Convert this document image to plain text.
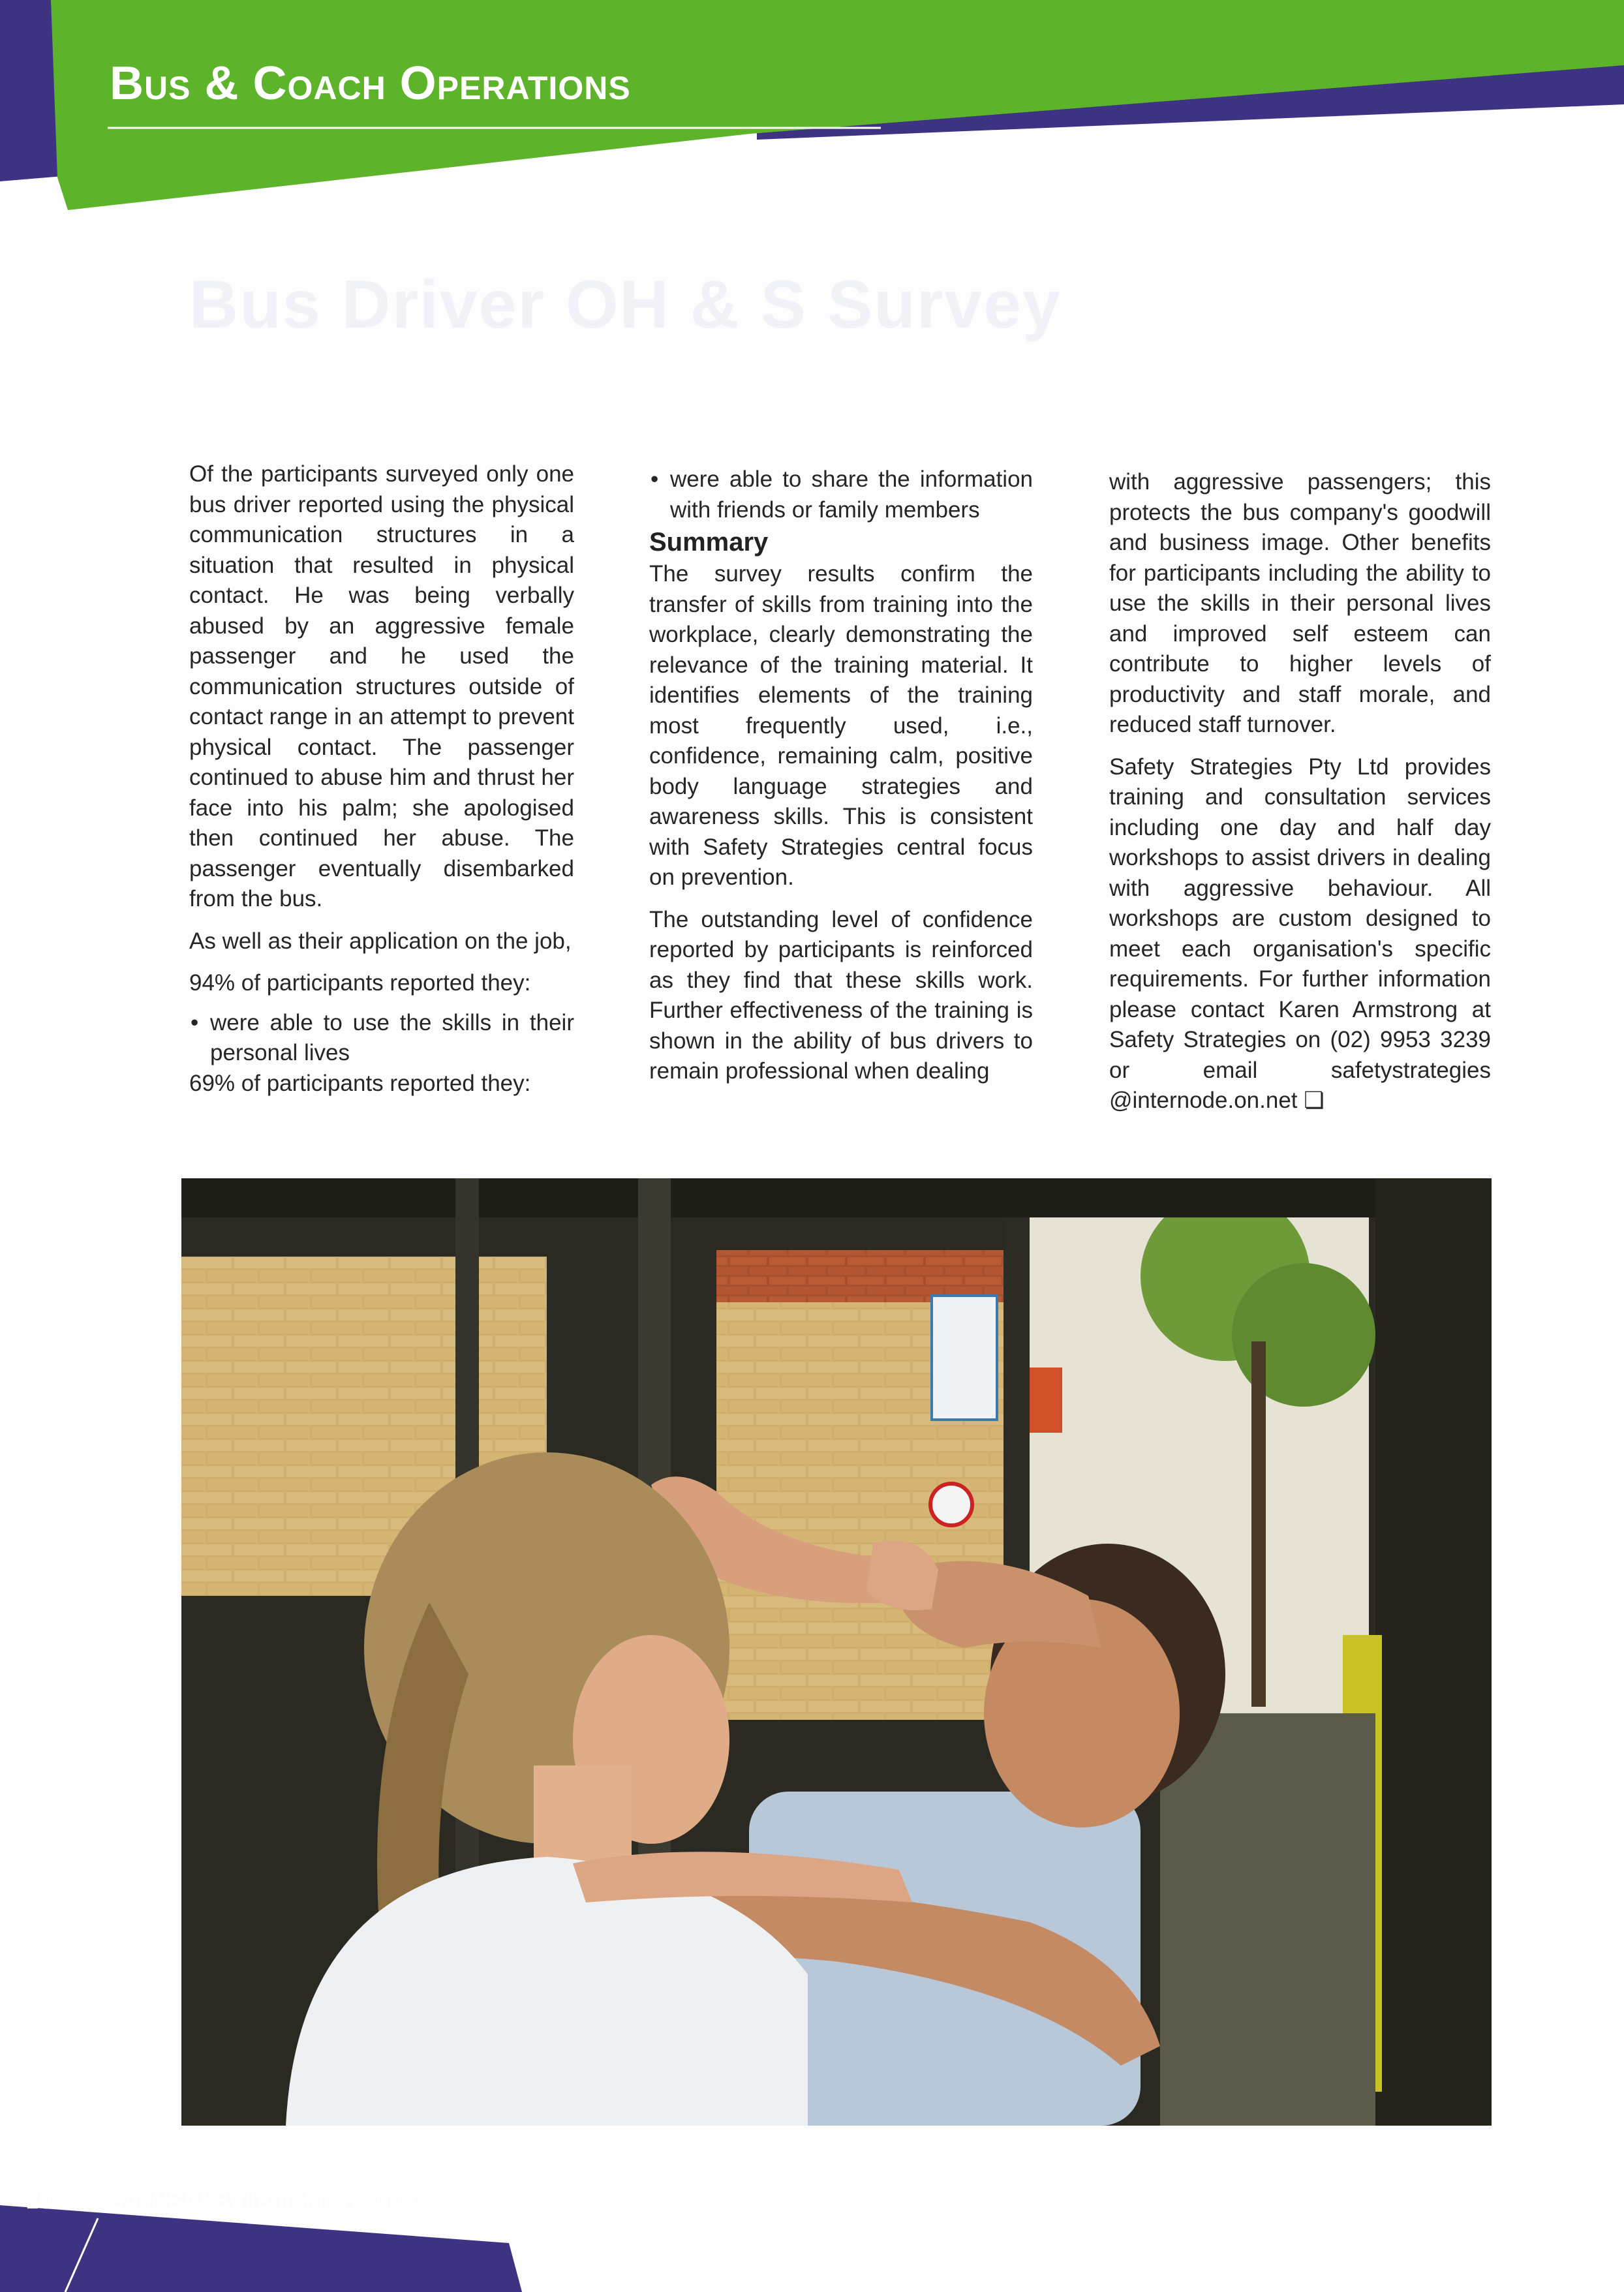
Bus & Coach Operations
Bus Driver OH & S Survey

Of the participants surveyed only one bus driver reported using the physical communication structures in a situation that resulted in physical contact. He was being verbally abused by an aggressive female passenger and he used the communication structures outside of contact range in an attempt to prevent physical contact. The passenger continued to abuse him and thrust her face into his palm; she apologised then continued her abuse. The passenger eventually disembarked from the bus.

As well as their application on the job,

94% of participants reported they:

• were able to use the skills in their personal lives

69% of participants reported they:

• were able to share the information with friends or family members
Summary

The survey results confirm the transfer of skills from training into the workplace, clearly demonstrating the relevance of the training material. It identifies elements of the training most frequently used, i.e., confidence, remaining calm, positive body language strategies and awareness skills. This is consistent with Safety Strategies central focus on prevention.

The outstanding level of confidence reported by participants is reinforced as they find that these skills work. Further effectiveness of the training is shown in the ability of bus drivers to remain professional when dealing

with aggressive passengers; this protects the bus company's goodwill and business image. Other benefits for participants including the ability to use the skills in their personal lives and improved self esteem can contribute to higher levels of productivity and staff morale, and reduced staff turnover.

Safety Strategies Pty Ltd provides training and consultation services including one day and half day workshops to assist drivers in dealing with aggressive behaviour. All workshops are custom designed to meet each organisation's specific requirements. For further information please contact Karen Armstrong at Safety Strategies on (02) 9953 3239 or email safetystrategies @internode.on.net ❏

20 BusNSW Bulletin

March 2009
